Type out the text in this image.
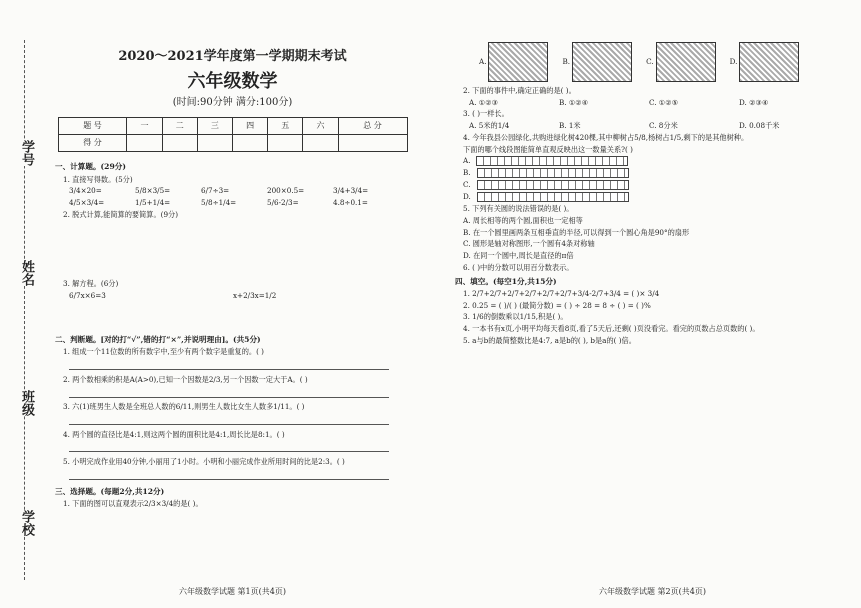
学号
姓名
班级
学校
2020～2021学年度第一学期期末考试
六年级数学
(时间:90分钟 满分:100分)
题 号	一	二	三	四	五	六	总 分
得 分							
一、计算题。(29分)
1. 直接写得数。(5分)
3/4×20=	5/8×3/5=	6/7÷3=	200×0.5=	3/4+3/4=
4/5×3/4=	1/5+1/4=	5/8÷1/4=	5/6-2/3=	4.8÷0.1=
2. 脱式计算,能简算的要简算。(9分)
3. 解方程。(6分)
6/7x×6=3	x+2/3x=1/2
二、判断题。[对的打“√”,错的打“×”,并说明理由]。(共5分)
1. 组成一个11位数的所有数字中,至少有两个数字是重复的。( )
2. 两个数相乘的积是A(A>0),已知一个因数是2/3,另一个因数一定大于A。( )
3. 六(1)班男生人数是全班总人数的6/11,则男生人数比女生人数多1/11。( )
4. 两个圆的直径比是4:1,则这两个圆的面积比是4:1,周长比是8:1。( )
5. 小明完成作业用40分钟,小丽用了1小时。小明和小丽完成作业所用时间的比是2:3。( )
三、选择题。(每题2分,共12分)
1. 下面的图可以直观表示2/3×3/4的是( )。
六年级数学试题 第1页(共4页)
A.	B.	C.	D.
2. 下面的事件中,确定正确的是( )。
A. ①②③	B. ①②④	C. ①②⑤	D. ②③④
3. ( )一样长。
A. 5米的1/4	B. 1米	C. 8分米	D. 0.08千米
4. 今年我县公园绿化,共购进绿化树420棵,其中柳树占5/8,杨树占1/5,剩下的是其他树种。
下面的哪个线段图能简单直观反映出这一数量关系?( )
A.
B.
C.
D.
5. 下列有关圆的说法错误的是( )。
A. 周长相等的两个圆,面积也一定相等
B. 在一个圆里画两条互相垂直的半径,可以得到一个圆心角是90°的扇形
C. 圆形是轴对称图形,一个圆有4条对称轴
D. 在同一个圆中,周长是直径的π倍
6. ( )中的分数可以用百分数表示。
四、填空。(每空1分,共15分)
1. 2/7+2/7+2/7+2/7+2/7+2/7+3/4-2/7+3/4 = ( )× 3/4
2. 0.25 = ( )/( ) (最简分数) = ( ) ÷ 28 = 8 ÷ ( ) = ( )%
3. 1/6的倒数乘以1/15,积是( )。
4. 一本书有x页,小明平均每天看8页,看了5天后,还剩( )页没看完。看完的页数占总页数的( )。
5. a与b的最简整数比是4:7, a是b的( ), b是a的( )倍。
六年级数学试题 第2页(共4页)
